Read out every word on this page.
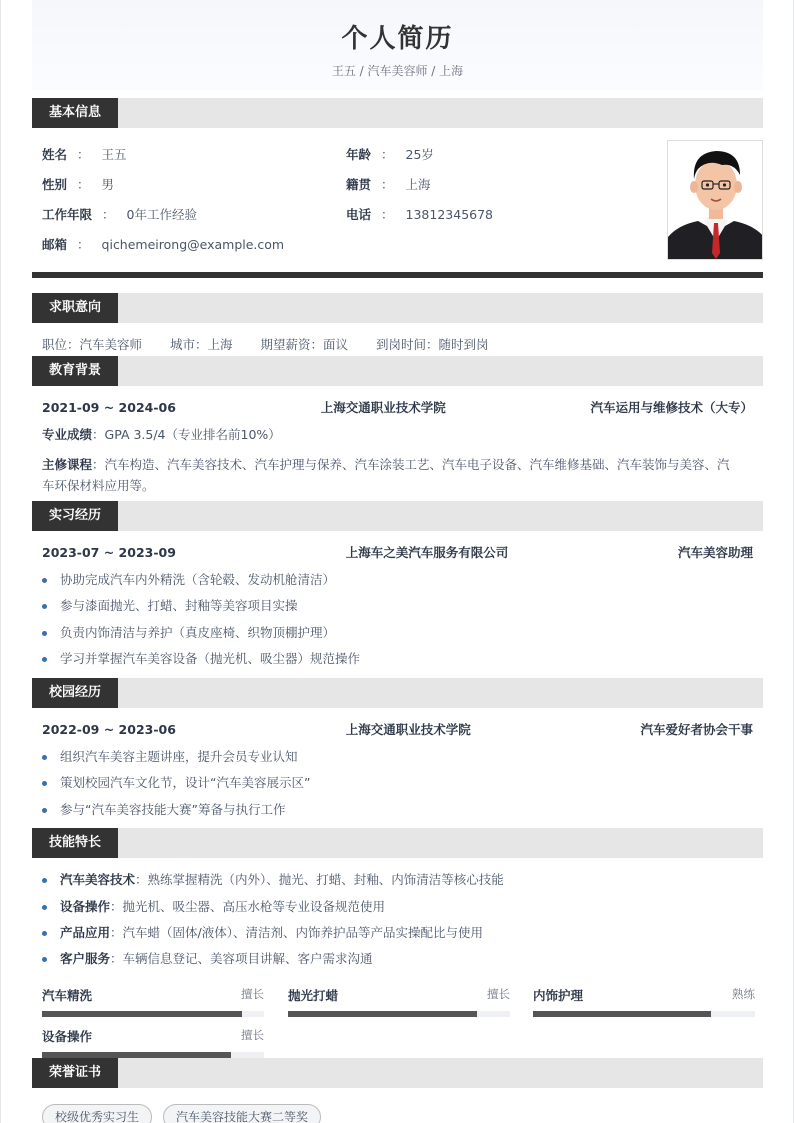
个人简历
王五 / 汽车美容师 / 上海
基本信息
姓名 ： 王五	年龄 ： 25岁
性别 ： 男	籍贯 ： 上海
工作年限 ： 0年工作经验	电话 ： 13812345678
邮箱 ： qichemeirong@example.com
求职意向
职位：汽车美容师 城市：上海 期望薪资：面议 到岗时间：随时到岗
教育背景
2021-09 ~ 2024-06	上海交通职业技术学院	汽车运用与维修技术（大专）
专业成绩：GPA 3.5/4（专业排名前10%）
主修课程：汽车构造、汽车美容技术、汽车护理与保养、汽车涂装工艺、汽车电子设备、汽车维修基础、汽车装饰与美容、汽
车环保材料应用等。
实习经历
2023-07 ~ 2023-09	上海车之美汽车服务有限公司	汽车美容助理
协助完成汽车内外精洗（含轮毂、发动机舱清洁）
参与漆面抛光、打蜡、封釉等美容项目实操
负责内饰清洁与养护（真皮座椅、织物顶棚护理）
学习并掌握汽车美容设备（抛光机、吸尘器）规范操作
校园经历
2022-09 ~ 2023-06	上海交通职业技术学院	汽车爱好者协会干事
组织汽车美容主题讲座，提升会员专业认知
策划校园汽车文化节，设计“汽车美容展示区”
参与“汽车美容技能大赛”筹备与执行工作
技能特长
汽车美容技术：熟练掌握精洗（内外）、抛光、打蜡、封釉、内饰清洁等核心技能
设备操作：抛光机、吸尘器、高压水枪等专业设备规范使用
产品应用：汽车蜡（固体/液体）、清洁剂、内饰养护品等产品实操配比与使用
客户服务：车辆信息登记、美容项目讲解、客户需求沟通
汽车精洗	擅长 抛光打蜡	擅长 内饰护理	熟练
设备操作	擅长
荣誉证书
校级优秀实习生	汽车美容技能大赛二等奖
